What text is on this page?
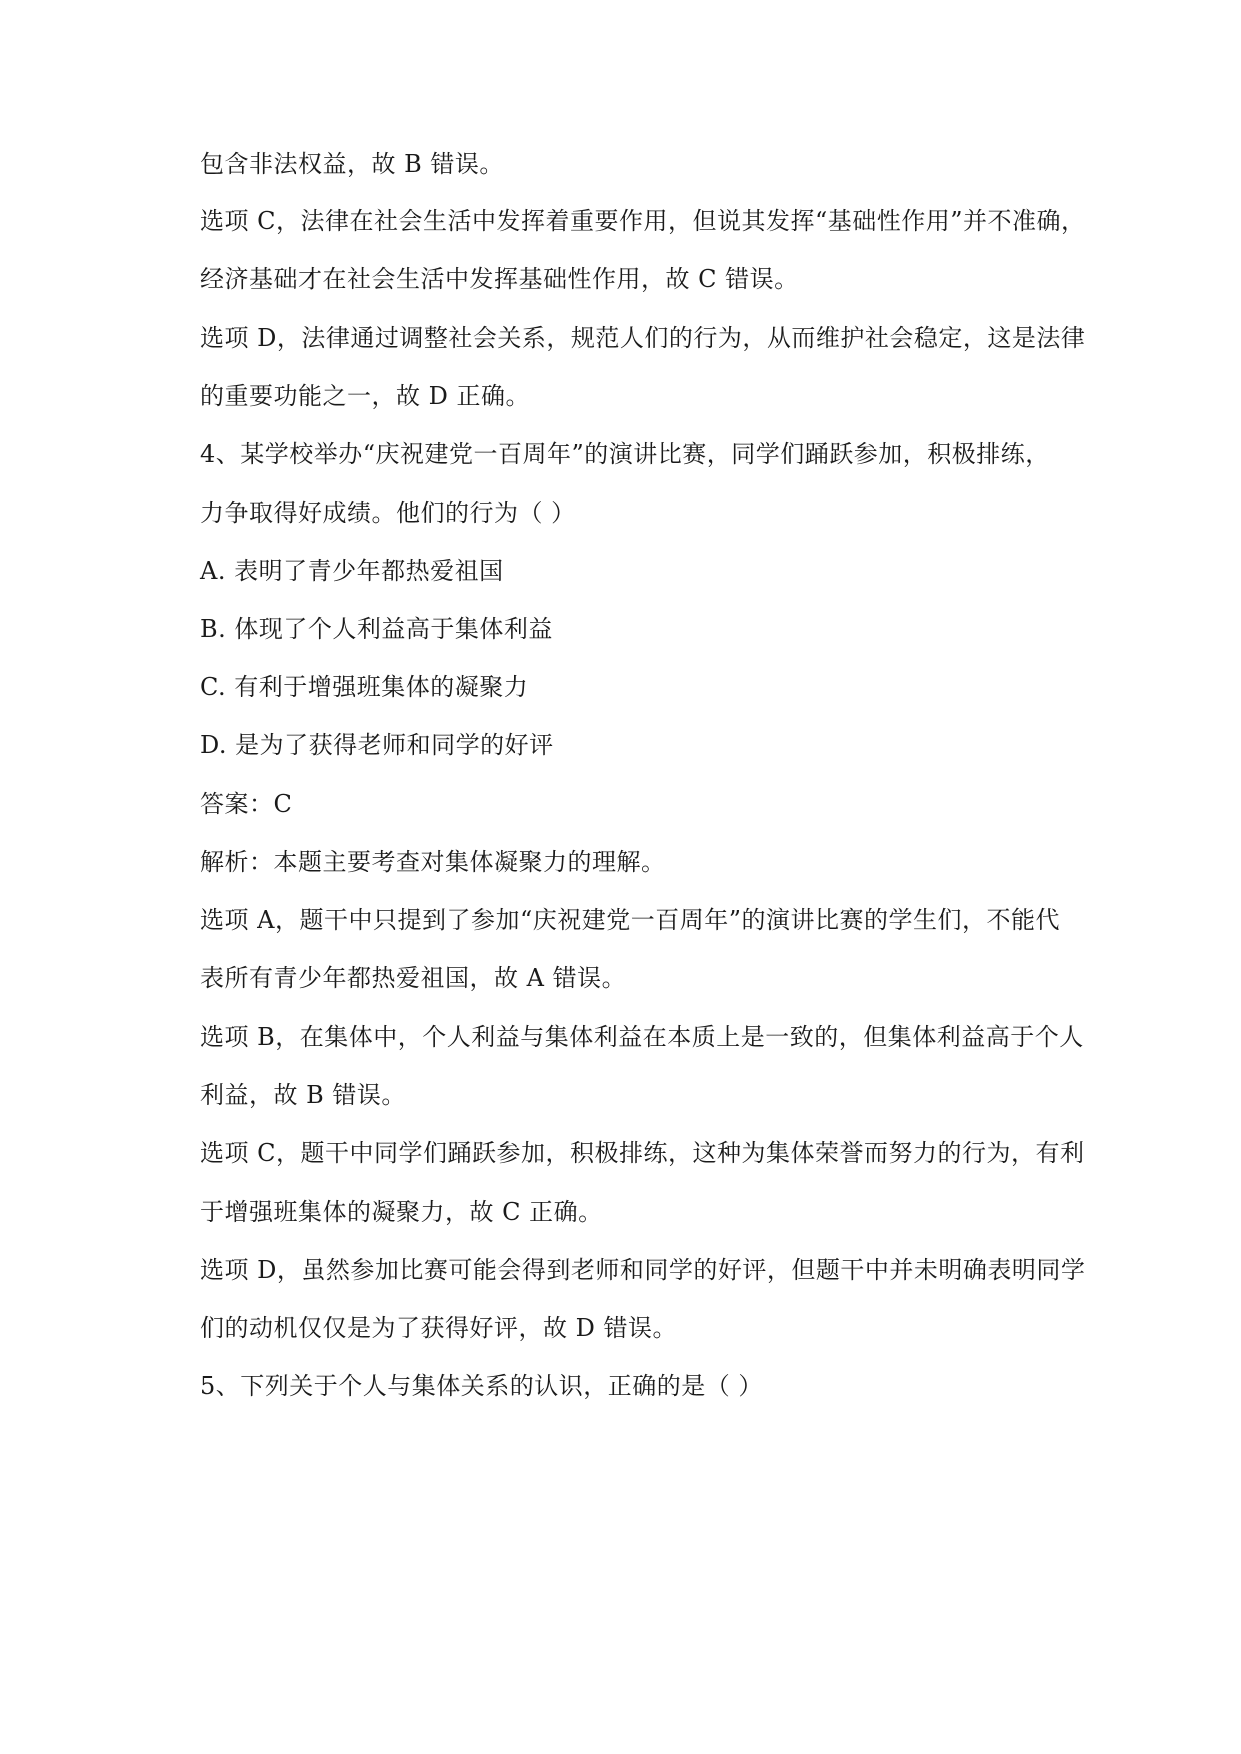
包含非法权益，故 B 错误。
选项 C，法律在社会生活中发挥着重要作用，但说其发挥“基础性作用”并不准确，
经济基础才在社会生活中发挥基础性作用，故 C 错误。
选项 D，法律通过调整社会关系，规范人们的行为，从而维护社会稳定，这是法律
的重要功能之一，故 D 正确。
4、某学校举办“庆祝建党一百周年”的演讲比赛，同学们踊跃参加，积极排练，
力争取得好成绩。他们的行为（ ）
A. 表明了青少年都热爱祖国
B. 体现了个人利益高于集体利益
C. 有利于增强班集体的凝聚力
D. 是为了获得老师和同学的好评
答案：C
解析：本题主要考查对集体凝聚力的理解。
选项 A，题干中只提到了参加“庆祝建党一百周年”的演讲比赛的学生们，不能代
表所有青少年都热爱祖国，故 A 错误。
选项 B，在集体中，个人利益与集体利益在本质上是一致的，但集体利益高于个人
利益，故 B 错误。
选项 C，题干中同学们踊跃参加，积极排练，这种为集体荣誉而努力的行为，有利
于增强班集体的凝聚力，故 C 正确。
选项 D，虽然参加比赛可能会得到老师和同学的好评，但题干中并未明确表明同学
们的动机仅仅是为了获得好评，故 D 错误。
5、下列关于个人与集体关系的认识，正确的是（ ）
